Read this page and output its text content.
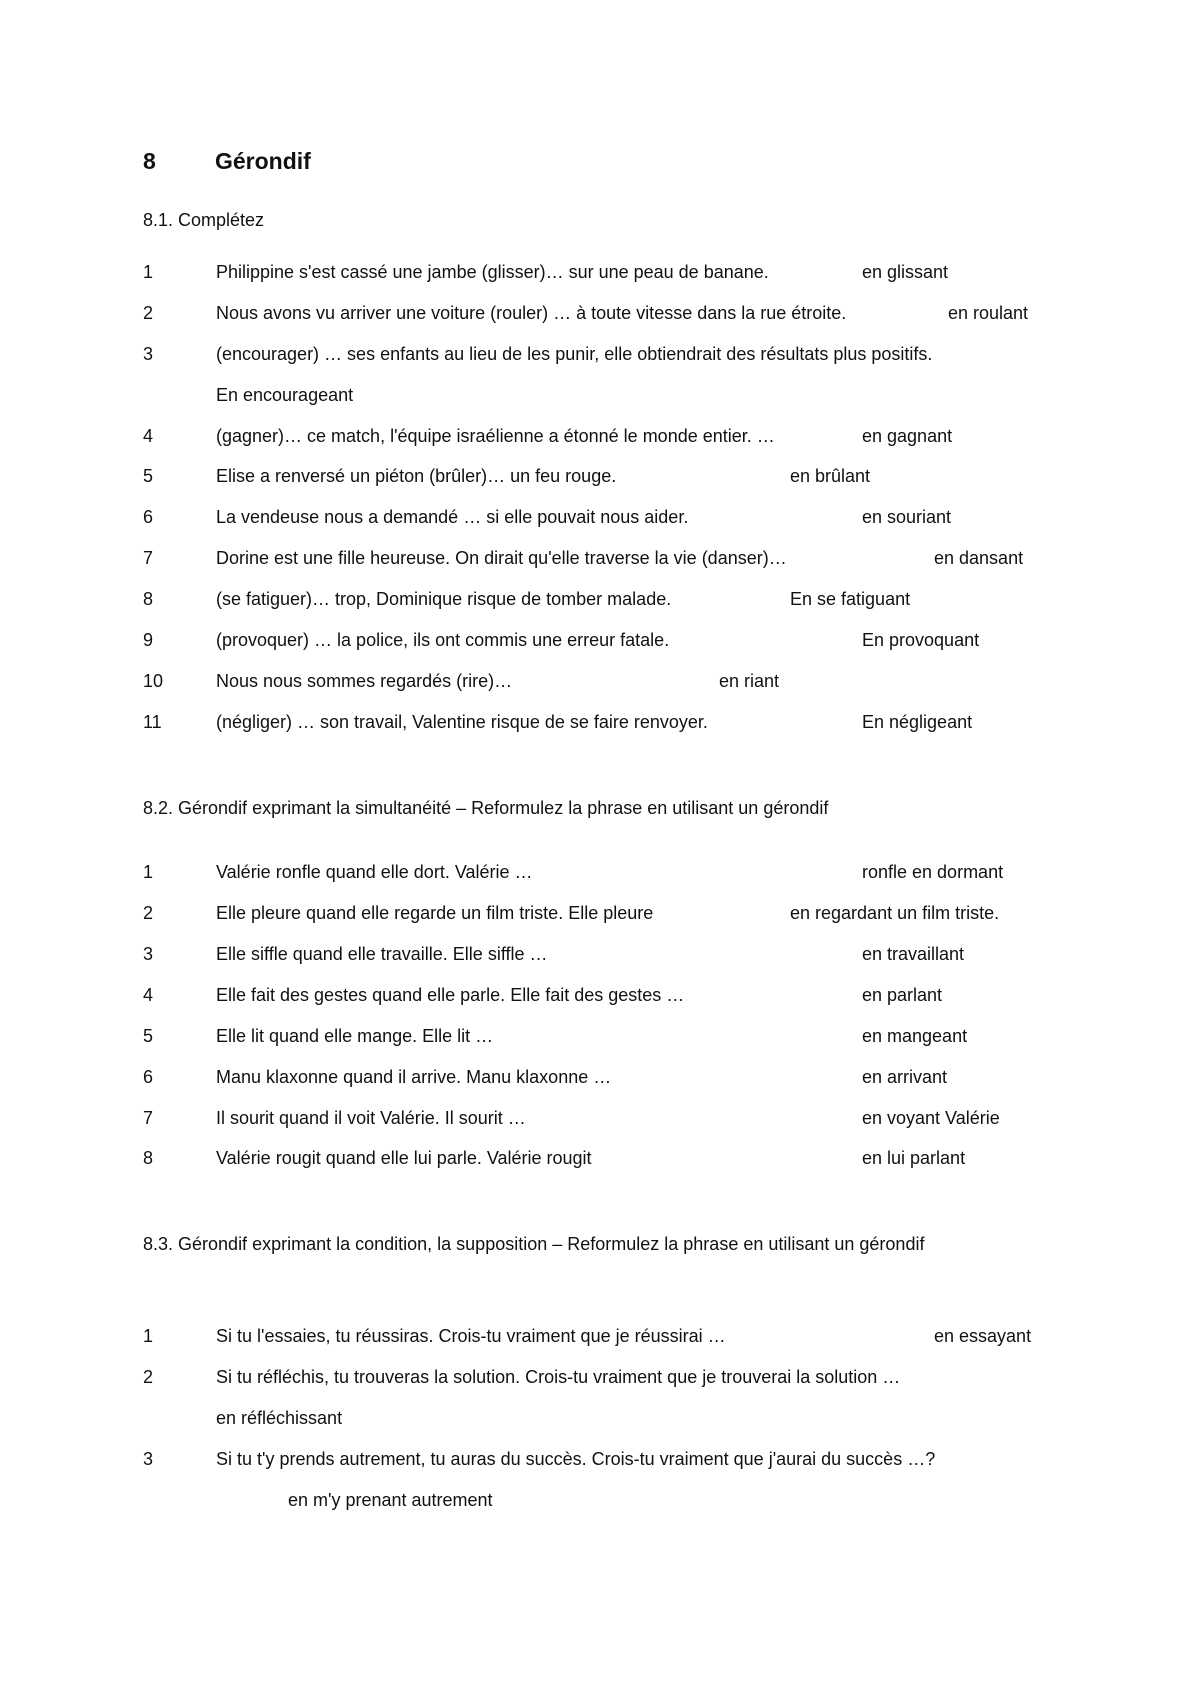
8	Gérondif
8.1. Complétez
1	Philippine s'est cassé une jambe (glisser)… sur une peau de banane.	en glissant
2	Nous avons vu arriver une voiture (rouler) … à toute vitesse dans la rue étroite.	en roulant
3	(encourager) … ses enfants au lieu de les punir, elle obtiendrait des résultats plus positifs.
En encourageant
4	(gagner)… ce match, l'équipe israélienne a étonné le monde entier. …	en gagnant
5	Elise a renversé un piéton (brûler)… un feu rouge.	en brûlant
6	La vendeuse nous a demandé … si elle pouvait nous aider.	en souriant
7	Dorine est une fille heureuse. On dirait qu'elle traverse la vie (danser)…	en dansant
8	(se fatiguer)… trop, Dominique risque de tomber malade.	En se fatiguant
9	(provoquer) … la police, ils ont commis une erreur fatale.	En provoquant
10	Nous nous sommes regardés (rire)…	en riant
11	(négliger) … son travail, Valentine risque de se faire renvoyer.	En négligeant
8.2. Gérondif exprimant la simultanéité – Reformulez la phrase en utilisant un gérondif
1	Valérie ronfle quand elle dort. Valérie …	ronfle en dormant
2	Elle pleure quand elle regarde un film triste. Elle pleure	en regardant un film triste.
3	Elle siffle quand elle travaille. Elle siffle …	en travaillant
4	Elle fait des gestes quand elle parle. Elle fait des gestes …	en parlant
5	Elle lit quand elle mange. Elle lit …	en mangeant
6	Manu klaxonne quand il arrive. Manu klaxonne …	en arrivant
7	Il sourit quand il voit Valérie. Il sourit …	en voyant Valérie
8	Valérie rougit quand elle lui parle. Valérie rougit	en lui parlant
8.3. Gérondif exprimant la condition, la supposition – Reformulez la phrase en utilisant un gérondif
1	Si tu l'essaies, tu réussiras. Crois-tu vraiment que je réussirai …	en essayant
2	Si tu réfléchis, tu trouveras la solution. Crois-tu vraiment que je trouverai la solution …
en réfléchissant
3	Si tu t'y prends autrement, tu auras du succès. Crois-tu vraiment que j'aurai du succès …?
en m'y prenant autrement
